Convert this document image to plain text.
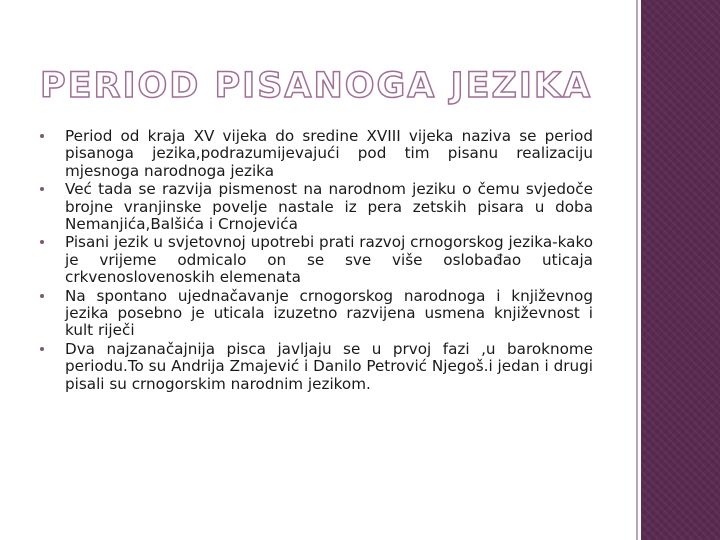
PERIOD PISANOGA JEZIKA
Period od kraja XV vijeka do sredine XVIII vijeka naziva se period pisanoga jezika,podrazumijevajući pod tim pisanu realizaciju mjesnoga narodnoga jezika
Već tada se razvija pismenost na narodnom jeziku o čemu svjedoče brojne vranjinske povelje nastale iz pera zetskih pisara u doba Nemanjića,Balšića i Crnojevića
Pisani jezik u svjetovnoj upotrebi prati razvoj crnogorskog jezika-kako je vrijeme odmicalo on se sve više oslobađao uticaja crkvenoslovenoskih elemenata
Na spontano ujednačavanje crnogorskog narodnoga i književnog jezika posebno je uticala izuzetno razvijena usmena književnost i kult riječi
Dva najzanačajnija pisca javljaju se u prvoj fazi ,u baroknome periodu.To su Andrija Zmajević i Danilo Petrović Njegoš.i jedan i drugi pisali su crnogorskim narodnim jezikom.
